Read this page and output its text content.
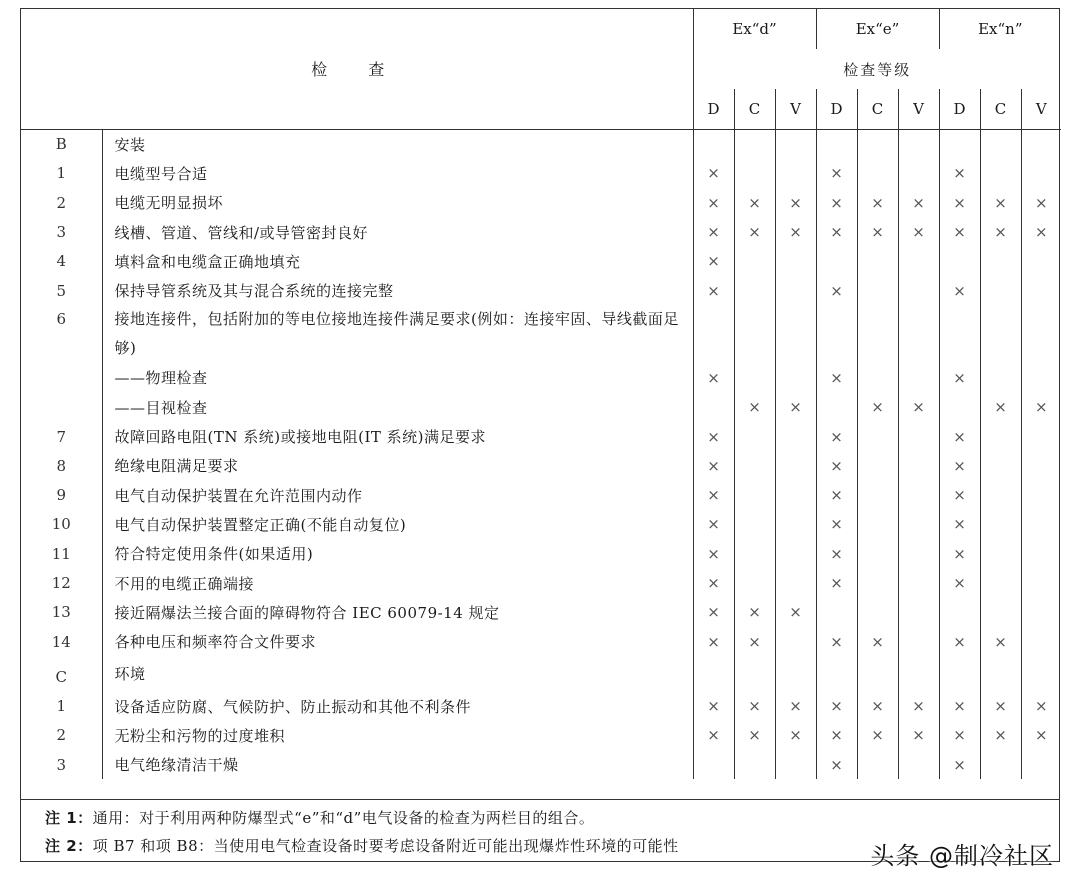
检 查		Ex“d”			Ex“e”			Ex“n”		
		检查等级								
		D	C	V	D	C	V	D	C	V
B	安装									
1	电缆型号合适	×			×			×		
2	电缆无明显损坏	×	×	×	×	×	×	×	×	×
3	线槽、管道、管线和/或导管密封良好	×	×	×	×	×	×	×	×	×
4	填料盒和电缆盒正确地填充	×								
5	保持导管系统及其与混合系统的连接完整	×			×			×		
6	接地连接件，包括附加的等电位接地连接件满足要求(例如：连接牢固、导线截面足够)									
	——物理检查	×			×			×		
	——目视检查		×	×		×	×		×	×
7	故障回路电阻(TN 系统)或接地电阻(IT 系统)满足要求	×			×			×		
8	绝缘电阻满足要求	×			×			×		
9	电气自动保护装置在允许范围内动作	×			×			×		
10	电气自动保护装置整定正确(不能自动复位)	×			×			×		
11	符合特定使用条件(如果适用)	×			×			×		
12	不用的电缆正确端接	×			×			×		
13	接近隔爆法兰接合面的障碍物符合 IEC 60079-14 规定	×	×	×						
14	各种电压和频率符合文件要求	×	×		×	×		×	×	
C	环境									
1	设备适应防腐、气候防护、防止振动和其他不利条件	×	×	×	×	×	×	×	×	×
2	无粉尘和污物的过度堆积	×	×	×	×	×	×	×	×	×
3	电气绝缘清洁干燥				×			×		
注 1：通用：对于利用两种防爆型式“e”和“d”电气设备的检查为两栏目的组合。
注 2：项 B7 和项 B8：当使用电气检查设备时要考虑设备附近可能出现爆炸性环境的可能性	头条 @制冷社区
